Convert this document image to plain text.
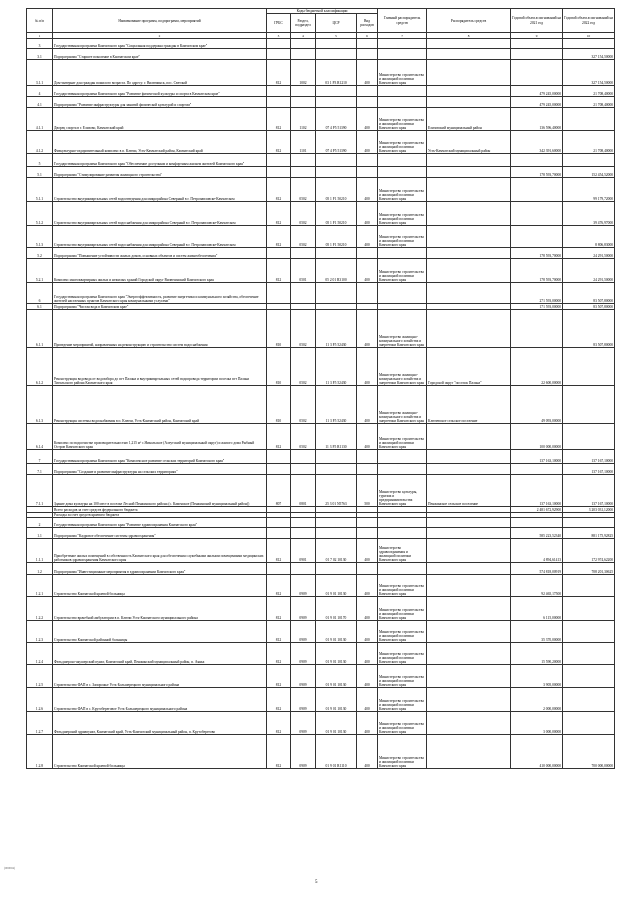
№ п/п	Наименование программ, подпрограмм, мероприятий	Коды бюджетной классификации				Главный распорядитель средств	Распорядитель средств	Годовой объем ассигнований на 2021 год	Годовой объем ассигнований на 2022 год
		ГРБС	Раздел, подраздел	ЦСР	Вид расходов				
1	2	3	4	5	6	7	8	9	10
3	Государственная программа Камчатского края "Социальная поддержка граждан в Камчатском крае"								
3.1	Подпрограмма "Старшее поколение в Камчатском крае"								327 154,50000
3.1.1	Дом-интернат для граждан пожилого возраста. По адресу: г. Вилючинск, пос. Светлый	812	1002	03 1 P3 R1210	400	Министерство строительства и жилищной политики Камчатского края			327 154,50000
4	Государственная программа Камчатского края "Развитие физической культуры и спорта в Камчатском крае"							479 245,00000	21 708,40000
4.1	Подпрограмма "Развитие инфраструктуры для занятий физической культурой и спортом"							479 245,00000	21 708,40000
4.1.1	Дворец спорта в г. Елизово, Камчатский край	812	1102	07 4 P5 51390	400	Министерство строительства и жилищной политики Камчатского края	Елизовский муниципальный район	136 596,40000	
4.1.2	Физкультурно-оздоровительный комплекс в п. Ключи, Усть-Камчатский район, Камчатский край	812	1101	07 4 P5 51390	400	Министерство строительства и жилищной политики Камчатского края	Усть-Камчатский муниципальный район	342 391,60000	21 708,40000
5	Государственная программа Камчатского края "Обеспечение доступным и комфортным жильем жителей Камчатского края"								
5.1	Подпрограмма "Стимулирование развития жилищного строительства"							178 593,70000	152 454,52000
5.1.1	Строительство внутриквартальных сетей водоотведения для микрорайона Северный в г. Петропавловске-Камчатском	812	0502	05 1 F1 50210	400	Министерство строительства и жилищной политики Камчатского края			99 179,72000
5.1.2	Строительство внутриквартальных сетей водоснабжения для микрорайона Северный в г. Петропавловске-Камчатском	812	0502	05 1 F1 50210	400	Министерство строительства и жилищной политики Камчатского края			39 476,97000
5.1.3	Строительство внутриквартальных сетей водоснабжения для микрорайона Северный в г. Петропавловске-Камчатском	812	0502	05 1 F1 50210	400	Министерство строительства и жилищной политики Камчатского края			8 806,83000
5.2	Подпрограмма "Повышение устойчивости жилых домов, основных объектов и систем жизнеобеспечения"							178 593,70000	24 291,50000
5.2.1	Комплекс многоквартирных жилых и нежилых зданий Городской округ Вилючинский Камчатского края	812	0501	05 2 01 R3100	400	Министерство строительства и жилищной политики Камчатского края		178 593,70000	24 291,50000
6	Государственная программа Камчатского края "Энергоэффективность, развитие энергетики и коммунального хозяйства, обеспечение жителей населенных пунктов Камчатского края коммунальными услугами"							271 593,00000	83 507,80000
6.1	Подпрограмма "Чистая вода в Камчатском крае"							171 593,00000	83 507,80000
6.1.1	Проведение мероприятий, направленных на реконструкцию и строительство систем водоснабжения	810	0502	11 3 F5 52430	400	Министерство жилищно-коммунального хозяйства и энергетики Камчатского края			83 507,80000
6.1.2	Реконструкция водовода от водозабора до пгт Палана и внутриквартальных сетей водопровода территории поселка пгт Палана Тигильского района Камчатского края	810	0502	11 3 F5 52430	400	Министерство жилищно-коммунального хозяйства и энергетики Камчатского края	Городской округ "поселок Палана"	22 600,00000	
6.1.3	Реконструкция системы водоснабжения в п. Ключи, Усть-Камчатский район, Камчатский край	810	0502	11 3 F5 52430	400	Министерство жилищно-коммунального хозяйства и энергетики Камчатского края	Ключевское сельское поселение	49 093,00000	
6.1.4	Комплекс по водоочистке производительностью 1,215 м³ с.Никольское (Алеутский муниципальный округ) и жилого дома Рыбный Остров Камчатского края	812	0502	11 3 F5 R1130	400	Министерство строительства и жилищной политики Камчатского края		100 000,00000	
7	Государственная программа Камчатского края "Комплексное развитие сельских территорий Камчатского края"							137 163,10000	137 167,10000
7.1	Подпрограмма "Создание и развитие инфраструктуры на сельских территориях"								137 167,10000
7.1.1	Здание дома культуры на 100 мест в поселке Лесной Пенжинского района (с. Каменское (Пенжинский муниципальный район))	807	0801	25 3 01 N5763	500	Министерство культуры, туризма и предпринимательства Камчатского края	Пенжинское сельское поселение	137 163,10000	137 167,10000
	Всего расходов за счет средств федерального бюджета							2 481 672,92900	3 203 031,12000
	Расходы за счет средств краевого бюджета								
2	Государственная программа Камчатского края "Развитие здравоохранения Камчатского края"								
1.1	Подпрограмма "Кадровое обеспечение системы здравоохранения"							585 223,52340	881 175,92825
1.1.1	Приобретение жилых помещений в собственность Камчатского края для обеспечения служебными жилыми помещениями медицинских работников здравоохранения Камчатского края	812	0901	01 7 02 10130	400	Министерство здравоохранения и жилищной политики Камчатского края		4 894,61413	172 974,62200
1.2	Подпрограмма "Инвестиционные мероприятия в здравоохранении Камчатского края"							574 818,00919	708 201,30625
1.2.1	Строительство Камчатской краевой больницы	812	0909	01 9 01 10130	400	Министерство строительства и жилищной политики Камчатского края		92 465,17500	
1.2.2	Строительство врачебной амбулатории в п. Ключи Усть-Камчатского муниципального района	812	0909	01 9 01 10170	400	Министерство строительства и жилищной политики Камчатского края		6 115,00000	
1.2.3	Строительство Камчатской районной больницы	812	0909	01 9 01 10130	400	Министерство строительства и жилищной политики Камчатского края		35 370,00000	
1.2.4	Фельдшерско-акушерский пункт, Камчатский край, Пенжинский муниципальный район, п. Аянка	812	0909	01 9 01 10130	400	Министерство строительства и жилищной политики Камчатского края		15 590,20000	
1.2.5	Строительство ФАП в с. Запорожье Усть-Большерецкого муниципального района	812	0909	01 9 01 10130	400	Министерство строительства и жилищной политики Камчатского края		3 905,00000	
1.2.6	Строительство ФАП в с. Крутобереговое Усть-Большерецкого муниципального района	812	0909	01 9 01 10130	400	Министерство строительства и жилищной политики Камчатского края		2 000,00000	
1.2.7	Фельдшерский здравпункт, Камчатский край, Усть-Камчатский муниципальный район, п. Крутоберегово	812	0909	01 9 01 10130	400	Министерство строительства и жилищной политики Камчатского края		3 000,00000	
1.2.8	Строительство Камчатской краевой больницы	812	0909	01 9 01 R1110	400	Министерство строительства и жилищной политики Камчатского края		410 000,00000	700 000,00000
(000004)
5
